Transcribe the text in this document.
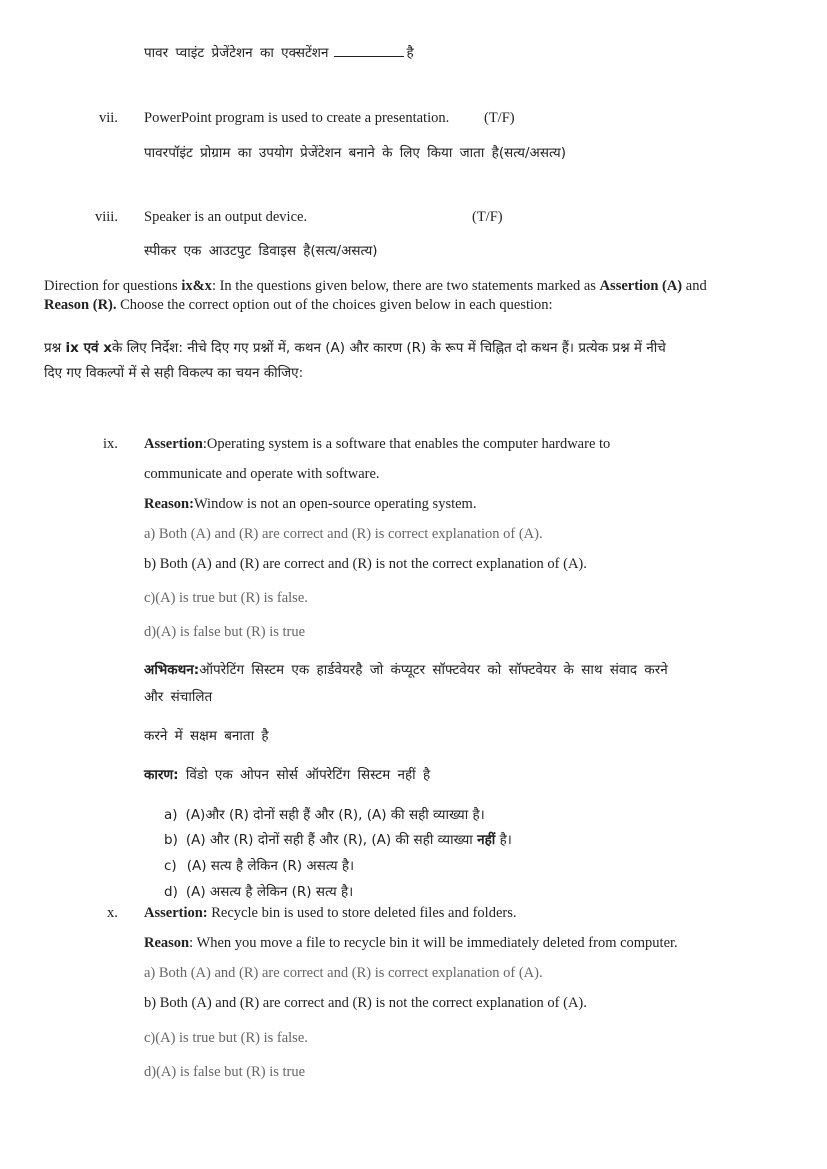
पावर प्वाइंट प्रेजेंटेशन का एक्सटेंशन	है
vii. PowerPoint program is used to create a presentation. (T/F)
पावरपॉइंट प्रोग्राम का उपयोग प्रेजेंटेशन बनाने के लिए किया जाता है(सत्य/असत्य)
viii. Speaker is an output device.	(T/F)
स्पीकर एक आउटपुट डिवाइस है(सत्य/असत्य)
Direction for questions ix&x: In the questions given below, there are two statements marked as Assertion (A) and
Reason (R). Choose the correct option out of the choices given below in each question:
प्रश्न ix एवं xके लिए निर्देश: नीचे दिए गए प्रश्नों में, कथन (A) और कारण (R) के रूप में चिह्नित दो कथन हैं। प्रत्येक प्रश्न में नीचे
दिए गए विकल्पों में से सही विकल्प का चयन कीजिए:
ix. Assertion:Operating system is a software that enables the computer hardware to
communicate and operate with software.
Reason:Window is not an open-source operating system.
a) Both (A) and (R) are correct and (R) is correct explanation of (A).
b) Both (A) and (R) are correct and (R) is not the correct explanation of (A).
c)(A) is true but (R) is false.
d)(A) is false but (R) is true
अभिकथन:ऑपरेटिंग सिस्टम एक हार्डवेयरहै जो कंप्यूटर सॉफ्टवेयर को सॉफ्टवेयर के साथ संवाद करने
और संचालित
करने में सक्षम बनाता है
कारण: विंडो एक ओपन सोर्स ऑपरेटिंग सिस्टम नहीं है
a) (A)और (R) दोनों सही हैं और (R), (A) की सही व्याख्या है।
b) (A) और (R) दोनों सही हैं और (R), (A) की सही व्याख्या नहीं है।
c) (A) सत्य है लेकिन (R) असत्य है।
d) (A) असत्य है लेकिन (R) सत्य है।
x. Assertion: Recycle bin is used to store deleted files and folders.
Reason: When you move a file to recycle bin it will be immediately deleted from computer.
a) Both (A) and (R) are correct and (R) is correct explanation of (A).
b) Both (A) and (R) are correct and (R) is not the correct explanation of (A).
c)(A) is true but (R) is false.
d)(A) is false but (R) is true
